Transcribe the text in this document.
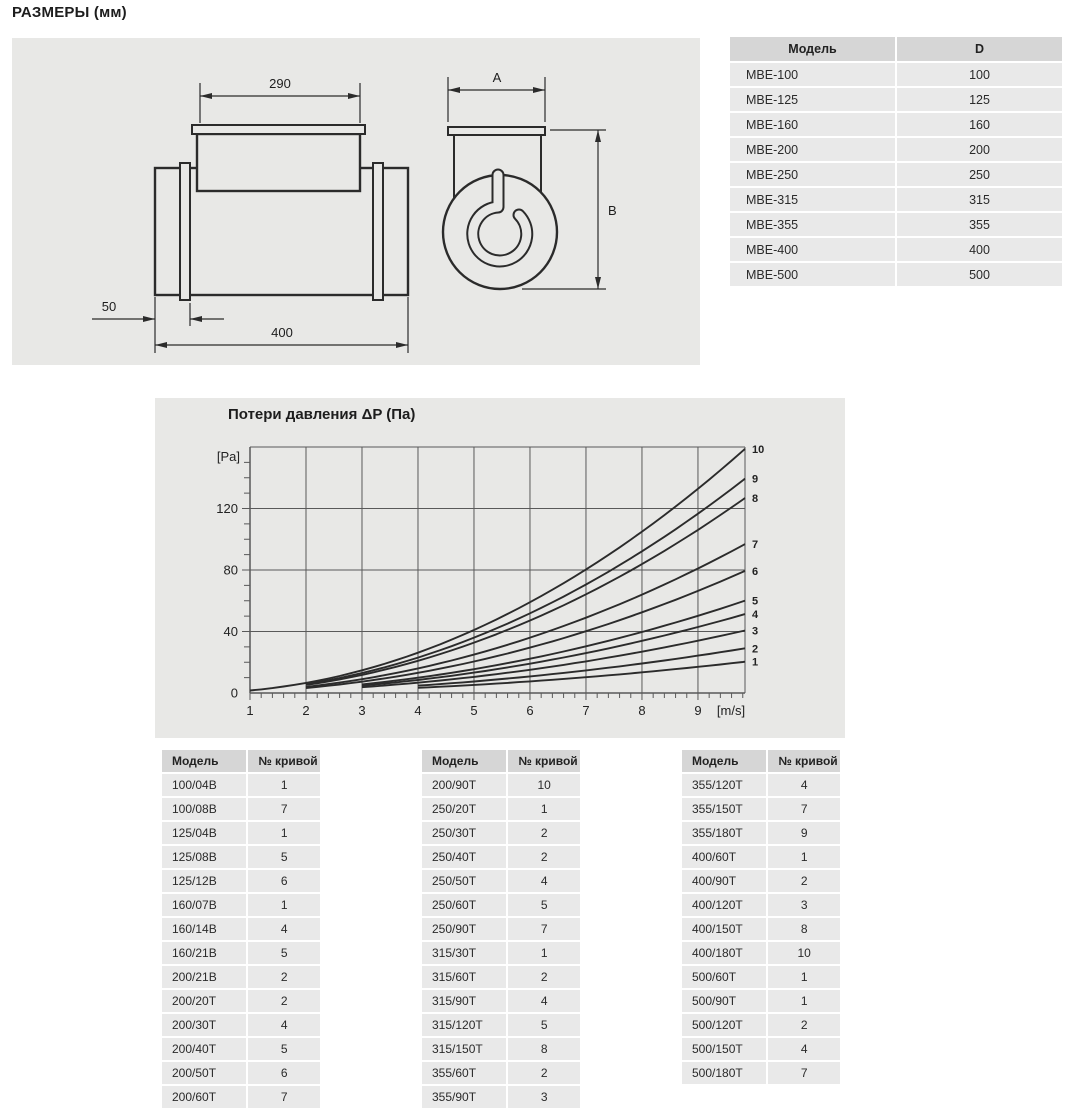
РАЗМЕРЫ (мм)
290
400
50
A
B
Модель	D
МВЕ-100	100
МВЕ-125	125
МВЕ-160	160
МВЕ-200	200
МВЕ-250	250
МВЕ-315	315
МВЕ-355	355
МВЕ-400	400
МВЕ-500	500
Потери давления ΔP (Па)
1	2	3	4	5	6	7	8	9 [m/s]
0
40
80
120
[Pa]
1
2
3
4
5
6
7
8
9
10
Модель	№ кривой
100/04В	1
100/08В	7
125/04В	1
125/08В	5
125/12В	6
160/07В	1
160/14В	4
160/21В	5
200/21В	2
200/20Т	2
200/30Т	4
200/40Т	5
200/50Т	6
200/60Т	7
Модель	№ кривой
200/90Т	10
250/20Т	1
250/30Т	2
250/40Т	2
250/50Т	4
250/60Т	5
250/90Т	7
315/30Т	1
315/60Т	2
315/90Т	4
315/120Т	5
315/150Т	8
355/60Т	2
355/90Т	3
Модель	№ кривой
355/120Т	4
355/150Т	7
355/180Т	9
400/60Т	1
400/90Т	2
400/120Т	3
400/150Т	8
400/180Т	10
500/60Т	1
500/90Т	1
500/120Т	2
500/150Т	4
500/180Т	7
